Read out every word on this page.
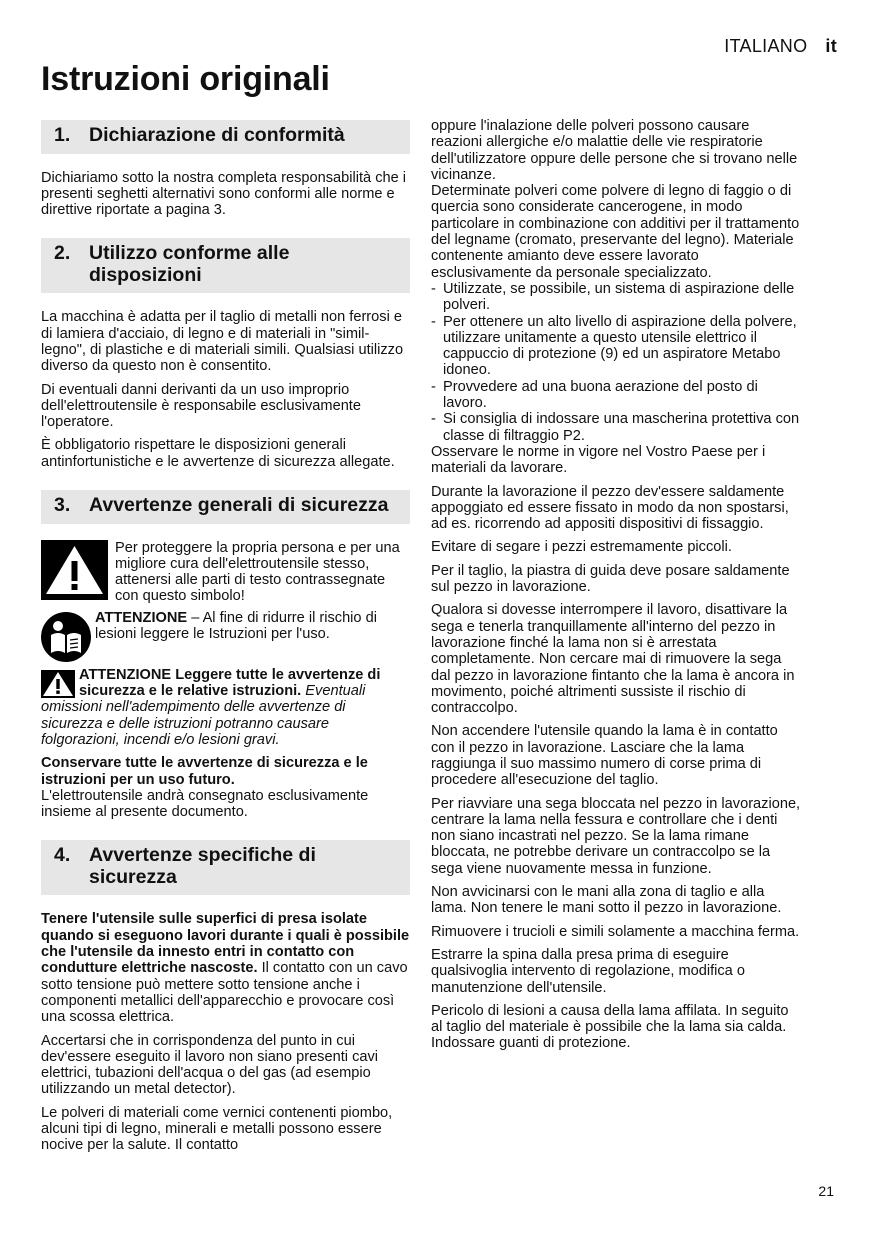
ITALIANO it
Istruzioni originali
1. Dichiarazione di conformità

Dichiariamo sotto la nostra completa responsabilità che i presenti seghetti alternativi sono conformi alle norme e direttive riportate a pagina 3.

2. Utilizzo conforme alle disposizioni

La macchina è adatta per il taglio di metalli non ferrosi e di lamiera d'acciaio, di legno e di materiali in "simil-legno", di plastiche e di materiali simili. Qualsiasi utilizzo diverso da questo non è consentito.

Di eventuali danni derivanti da un uso improprio dell'elettroutensile è responsabile esclusivamente l'operatore.

È obbligatorio rispettare le disposizioni generali antinfortunistiche e le avvertenze di sicurezza allegate.

3. Avvertenze generali di sicurezza
Per proteggere la propria persona e per una migliore cura dell'elettroutensile stesso, attenersi alle parti di testo contrassegnate con questo simbolo!
ATTENZIONE – Al fine di ridurre il rischio di lesioni leggere le Istruzioni per l'uso.

ATTENZIONE Leggere tutte le avvertenze di sicurezza e le relative istruzioni. Eventuali omissioni nell'adempimento delle avvertenze di sicurezza e delle istruzioni potranno causare folgorazioni, incendi e/o lesioni gravi.

Conservare tutte le avvertenze di sicurezza e le istruzioni per un uso futuro.
L'elettroutensile andrà consegnato esclusivamente insieme al presente documento.

4. Avvertenze specifiche di sicurezza

Tenere l'utensile sulle superfici di presa isolate quando si eseguono lavori durante i quali è possibile che l'utensile da innesto entri in contatto con condutture elettriche nascoste. Il contatto con un cavo sotto tensione può mettere sotto tensione anche i componenti metallici dell'apparecchio e provocare così una scossa elettrica.

Accertarsi che in corrispondenza del punto in cui dev'essere eseguito il lavoro non siano presenti cavi elettrici, tubazioni dell'acqua o del gas (ad esempio utilizzando un metal detector).

Le polveri di materiali come vernici contenenti piombo, alcuni tipi di legno, minerali e metalli possono essere nocive per la salute. Il contatto

oppure l'inalazione delle polveri possono causare reazioni allergiche e/o malattie delle vie respiratorie dell'utilizzatore oppure delle persone che si trovano nelle vicinanze.

Determinate polveri come polvere di legno di faggio o di quercia sono considerate cancerogene, in modo particolare in combinazione con additivi per il trattamento del legname (cromato, preservante del legno). Materiale contenente amianto deve essere lavorato esclusivamente da personale specializzato.

- Utilizzate, se possibile, un sistema di aspirazione delle polveri.
- Per ottenere un alto livello di aspirazione della polvere, utilizzare unitamente a questo utensile elettrico il cappuccio di protezione (9) ed un aspiratore Metabo idoneo.
- Provvedere ad una buona aerazione del posto di lavoro.
- Si consiglia di indossare una mascherina protettiva con classe di filtraggio P2.

Osservare le norme in vigore nel Vostro Paese per i materiali da lavorare.

Durante la lavorazione il pezzo dev'essere saldamente appoggiato ed essere fissato in modo da non spostarsi, ad es. ricorrendo ad appositi dispositivi di fissaggio.

Evitare di segare i pezzi estremamente piccoli.

Per il taglio, la piastra di guida deve posare saldamente sul pezzo in lavorazione.

Qualora si dovesse interrompere il lavoro, disattivare la sega e tenerla tranquillamente all'interno del pezzo in lavorazione finché la lama non si è arrestata completamente. Non cercare mai di rimuovere la sega dal pezzo in lavorazione fintanto che la lama è ancora in movimento, poiché altrimenti sussiste il rischio di contraccolpo.

Non accendere l'utensile quando la lama è in contatto con il pezzo in lavorazione. Lasciare che la lama raggiunga il suo massimo numero di corse prima di procedere all'esecuzione del taglio.

Per riavviare una sega bloccata nel pezzo in lavorazione, centrare la lama nella fessura e controllare che i denti non siano incastrati nel pezzo. Se la lama rimane bloccata, ne potrebbe derivare un contraccolpo se la sega viene nuovamente messa in funzione.

Non avvicinarsi con le mani alla zona di taglio e alla lama. Non tenere le mani sotto il pezzo in lavorazione.

Rimuovere i trucioli e simili solamente a macchina ferma.

Estrarre la spina dalla presa prima di eseguire qualsivoglia intervento di regolazione, modifica o manutenzione dell'utensile.

Pericolo di lesioni a causa della lama affilata. In seguito al taglio del materiale è possibile che la lama sia calda. Indossare guanti di protezione.

21
